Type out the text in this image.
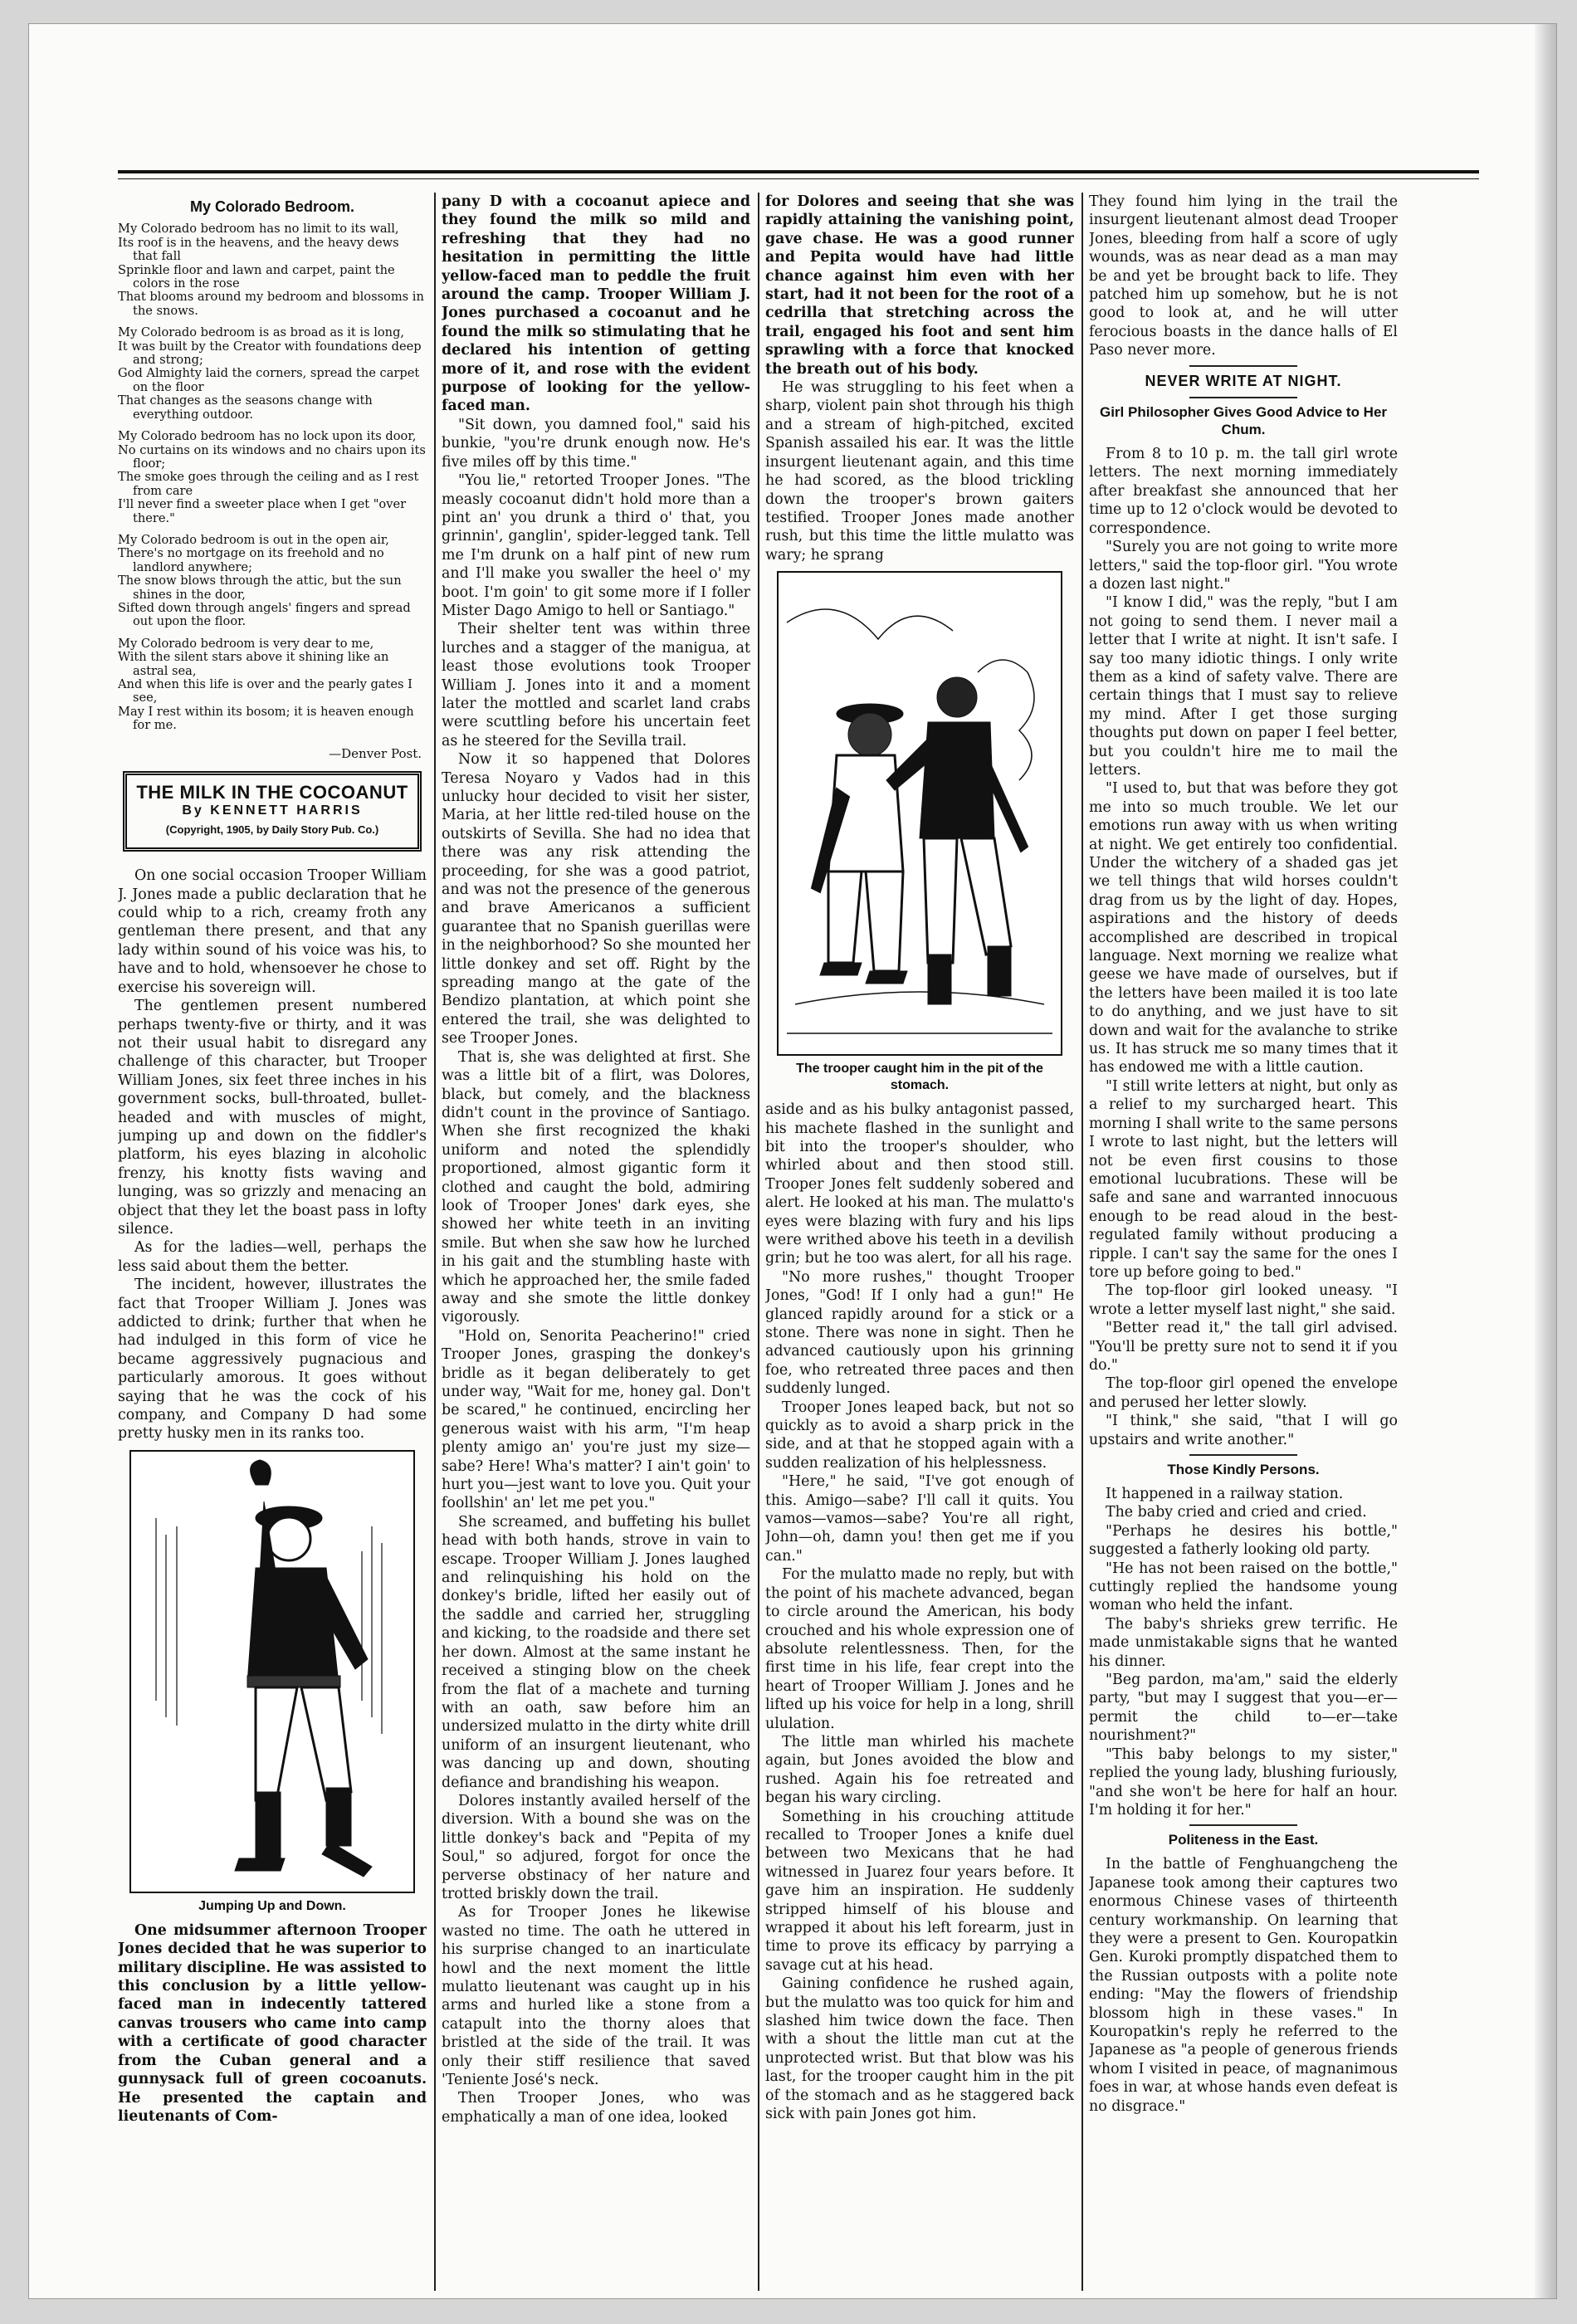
My Colorado Bedroom.
My Colorado bedroom has no limit to its wall,
Its roof is in the heavens, and the heavy dews that fall
Sprinkle floor and lawn and carpet, paint the colors in the rose
That blooms around my bedroom and blossoms in the snows.
My Colorado bedroom is as broad as it is long,
It was built by the Creator with foundations deep and strong;
God Almighty laid the corners, spread the carpet on the floor
That changes as the seasons change with everything outdoor.
My Colorado bedroom has no lock upon its door,
No curtains on its windows and no chairs upon its floor;
The smoke goes through the ceiling and as I rest from care
I'll never find a sweeter place when I get "over there."
My Colorado bedroom is out in the open air,
There's no mortgage on its freehold and no landlord anywhere;
The snow blows through the attic, but the sun shines in the door,
Sifted down through angels' fingers and spread out upon the floor.
My Colorado bedroom is very dear to me,
With the silent stars above it shining like an astral sea,
And when this life is over and the pearly gates I see,
May I rest within its bosom; it is heaven enough for me.
—Denver Post.
THE MILK IN THE COCOANUT
By KENNETT HARRIS
(Copyright, 1905, by Daily Story Pub. Co.)

On one social occasion Trooper William J. Jones made a public declaration that he could whip to a rich, creamy froth any gentleman there present, and that any lady within sound of his voice was his, to have and to hold, whensoever he chose to exercise his sovereign will.

The gentlemen present numbered perhaps twenty-five or thirty, and it was not their usual habit to disregard any challenge of this character, but Trooper William Jones, six feet three inches in his government socks, bull-throated, bullet-headed and with muscles of might, jumping up and down on the fiddler's platform, his eyes blazing in alcoholic frenzy, his knotty fists waving and lunging, was so grizzly and menacing an object that they let the boast pass in lofty silence.

As for the ladies—well, perhaps the less said about them the better.

The incident, however, illustrates the fact that Trooper William J. Jones was addicted to drink; further that when he had indulged in this form of vice he became aggressively pugnacious and particularly amorous. It goes without saying that he was the cock of his company, and Company D had some pretty husky men in its ranks too.

Jumping Up and Down.

One midsummer afternoon Trooper Jones decided that he was superior to military discipline. He was assisted to this conclusion by a little yellow-faced man in indecently tattered canvas trousers who came into camp with a certificate of good character from the Cuban general and a gunnysack full of green cocoanuts. He presented the captain and lieutenants of Com-

pany D with a cocoanut apiece and they found the milk so mild and refreshing that they had no hesitation in permitting the little yellow-faced man to peddle the fruit around the camp. Trooper William J. Jones purchased a cocoanut and he found the milk so stimulating that he declared his intention of getting more of it, and rose with the evident purpose of looking for the yellow-faced man.

"Sit down, you damned fool," said his bunkie, "you're drunk enough now. He's five miles off by this time."

"You lie," retorted Trooper Jones. "The measly cocoanut didn't hold more than a pint an' you drunk a third o' that, you grinnin', ganglin', spider-legged tank. Tell me I'm drunk on a half pint of new rum and I'll make you swaller the heel o' my boot. I'm goin' to git some more if I foller Mister Dago Amigo to hell or Santiago."

Their shelter tent was within three lurches and a stagger of the manigua, at least those evolutions took Trooper William J. Jones into it and a moment later the mottled and scarlet land crabs were scuttling before his uncertain feet as he steered for the Sevilla trail.

Now it so happened that Dolores Teresa Noyaro y Vados had in this unlucky hour decided to visit her sister, Maria, at her little red-tiled house on the outskirts of Sevilla. She had no idea that there was any risk attending the proceeding, for she was a good patriot, and was not the presence of the generous and brave Americanos a sufficient guarantee that no Spanish guerillas were in the neighborhood? So she mounted her little donkey and set off. Right by the spreading mango at the gate of the Bendizo plantation, at which point she entered the trail, she was delighted to see Trooper Jones.

That is, she was delighted at first. She was a little bit of a flirt, was Dolores, black, but comely, and the blackness didn't count in the province of Santiago. When she first recognized the khaki uniform and noted the splendidly proportioned, almost gigantic form it clothed and caught the bold, admiring look of Trooper Jones' dark eyes, she showed her white teeth in an inviting smile. But when she saw how he lurched in his gait and the stumbling haste with which he approached her, the smile faded away and she smote the little donkey vigorously.

"Hold on, Senorita Peacherino!" cried Trooper Jones, grasping the donkey's bridle as it began deliberately to get under way, "Wait for me, honey gal. Don't be scared," he continued, encircling her generous waist with his arm, "I'm heap plenty amigo an' you're just my size—sabe? Here! Wha's matter? I ain't goin' to hurt you—jest want to love you. Quit your foollshin' an' let me pet you."

She screamed, and buffeting his bullet head with both hands, strove in vain to escape. Trooper William J. Jones laughed and relinquishing his hold on the donkey's bridle, lifted her easily out of the saddle and carried her, struggling and kicking, to the roadside and there set her down. Almost at the same instant he received a stinging blow on the cheek from the flat of a machete and turning with an oath, saw before him an undersized mulatto in the dirty white drill uniform of an insurgent lieutenant, who was dancing up and down, shouting defiance and brandishing his weapon.

Dolores instantly availed herself of the diversion. With a bound she was on the little donkey's back and "Pepita of my Soul," so adjured, forgot for once the perverse obstinacy of her nature and trotted briskly down the trail.

As for Trooper Jones he likewise wasted no time. The oath he uttered in his surprise changed to an inarticulate howl and the next moment the little mulatto lieutenant was caught up in his arms and hurled like a stone from a catapult into the thorny aloes that bristled at the side of the trail. It was only their stiff resilience that saved 'Teniente José's neck.

Then Trooper Jones, who was emphatically a man of one idea, looked

for Dolores and seeing that she was rapidly attaining the vanishing point, gave chase. He was a good runner and Pepita would have had little chance against him even with her start, had it not been for the root of a cedrilla that stretching across the trail, engaged his foot and sent him sprawling with a force that knocked the breath out of his body.

He was struggling to his feet when a sharp, violent pain shot through his thigh and a stream of high-pitched, excited Spanish assailed his ear. It was the little insurgent lieutenant again, and this time he had scored, as the blood trickling down the trooper's brown gaiters testified. Trooper Jones made another rush, but this time the little mulatto was wary; he sprang

The trooper caught him in the pit of the stomach.

aside and as his bulky antagonist passed, his machete flashed in the sunlight and bit into the trooper's shoulder, who whirled about and then stood still. Trooper Jones felt suddenly sobered and alert. He looked at his man. The mulatto's eyes were blazing with fury and his lips were writhed above his teeth in a devilish grin; but he too was alert, for all his rage.

"No more rushes," thought Trooper Jones, "God! If I only had a gun!" He glanced rapidly around for a stick or a stone. There was none in sight. Then he advanced cautiously upon his grinning foe, who retreated three paces and then suddenly lunged.

Trooper Jones leaped back, but not so quickly as to avoid a sharp prick in the side, and at that he stopped again with a sudden realization of his helplessness.

"Here," he said, "I've got enough of this. Amigo—sabe? I'll call it quits. You vamos—vamos—sabe? You're all right, John—oh, damn you! then get me if you can."

For the mulatto made no reply, but with the point of his machete advanced, began to circle around the American, his body crouched and his whole expression one of absolute relentlessness. Then, for the first time in his life, fear crept into the heart of Trooper William J. Jones and he lifted up his voice for help in a long, shrill ululation.

The little man whirled his machete again, but Jones avoided the blow and rushed. Again his foe retreated and began his wary circling.

Something in his crouching attitude recalled to Trooper Jones a knife duel between two Mexicans that he had witnessed in Juarez four years before. It gave him an inspiration. He suddenly stripped himself of his blouse and wrapped it about his left forearm, just in time to prove its efficacy by parrying a savage cut at his head.

Gaining confidence he rushed again, but the mulatto was too quick for him and slashed him twice down the face. Then with a shout the little man cut at the unprotected wrist. But that blow was his last, for the trooper caught him in the pit of the stomach and as he staggered back sick with pain Jones got him.

They found him lying in the trail the insurgent lieutenant almost dead Trooper Jones, bleeding from half a score of ugly wounds, was as near dead as a man may be and yet be brought back to life. They patched him up somehow, but he is not good to look at, and he will utter ferocious boasts in the dance halls of El Paso never more.

NEVER WRITE AT NIGHT.
Girl Philosopher Gives Good Advice to Her Chum.

From 8 to 10 p. m. the tall girl wrote letters. The next morning immediately after breakfast she announced that her time up to 12 o'clock would be devoted to correspondence.

"Surely you are not going to write more letters," said the top-floor girl. "You wrote a dozen last night."

"I know I did," was the reply, "but I am not going to send them. I never mail a letter that I write at night. It isn't safe. I say too many idiotic things. I only write them as a kind of safety valve. There are certain things that I must say to relieve my mind. After I get those surging thoughts put down on paper I feel better, but you couldn't hire me to mail the letters.

"I used to, but that was before they got me into so much trouble. We let our emotions run away with us when writing at night. We get entirely too confidential. Under the witchery of a shaded gas jet we tell things that wild horses couldn't drag from us by the light of day. Hopes, aspirations and the history of deeds accomplished are described in tropical language. Next morning we realize what geese we have made of ourselves, but if the letters have been mailed it is too late to do anything, and we just have to sit down and wait for the avalanche to strike us. It has struck me so many times that it has endowed me with a little caution.

"I still write letters at night, but only as a relief to my surcharged heart. This morning I shall write to the same persons I wrote to last night, but the letters will not be even first cousins to those emotional lucubrations. These will be safe and sane and warranted innocuous enough to be read aloud in the best-regulated family without producing a ripple. I can't say the same for the ones I tore up before going to bed."

The top-floor girl looked uneasy. "I wrote a letter myself last night," she said.

"Better read it," the tall girl advised. "You'll be pretty sure not to send it if you do."

The top-floor girl opened the envelope and perused her letter slowly.

"I think," she said, "that I will go upstairs and write another."

Those Kindly Persons.

It happened in a railway station.

The baby cried and cried and cried.

"Perhaps he desires his bottle," suggested a fatherly looking old party.

"He has not been raised on the bottle," cuttingly replied the handsome young woman who held the infant.

The baby's shrieks grew terrific. He made unmistakable signs that he wanted his dinner.

"Beg pardon, ma'am," said the elderly party, "but may I suggest that you—er—permit the child to—er—take nourishment?"

"This baby belongs to my sister," replied the young lady, blushing furiously, "and she won't be here for half an hour. I'm holding it for her."

Politeness in the East.

In the battle of Fenghuangcheng the Japanese took among their captures two enormous Chinese vases of thirteenth century workmanship. On learning that they were a present to Gen. Kouropatkin Gen. Kuroki promptly dispatched them to the Russian outposts with a polite note ending: "May the flowers of friendship blossom high in these vases." In Kouropatkin's reply he referred to the Japanese as "a people of generous friends whom I visited in peace, of magnanimous foes in war, at whose hands even defeat is no disgrace."
